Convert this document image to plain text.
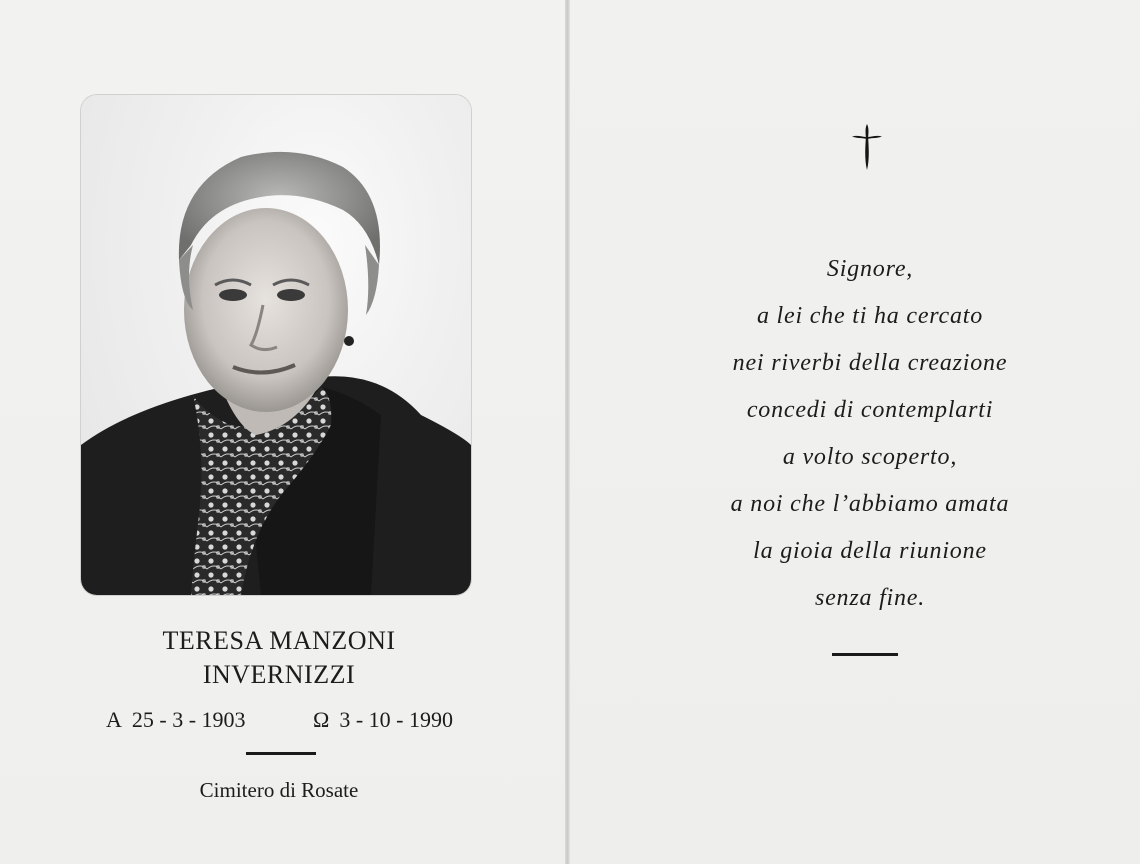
TERESA MANZONI
INVERNIZZI
A 25 - 3 - 1903	Ω 3 - 10 - 1990
Cimitero di Rosate
Signore,
a lei che ti ha cercato
nei riverbi della creazione
concedi di contemplarti
a volto scoperto,
a noi che l’abbiamo amata
la gioia della riunione
senza fine.
